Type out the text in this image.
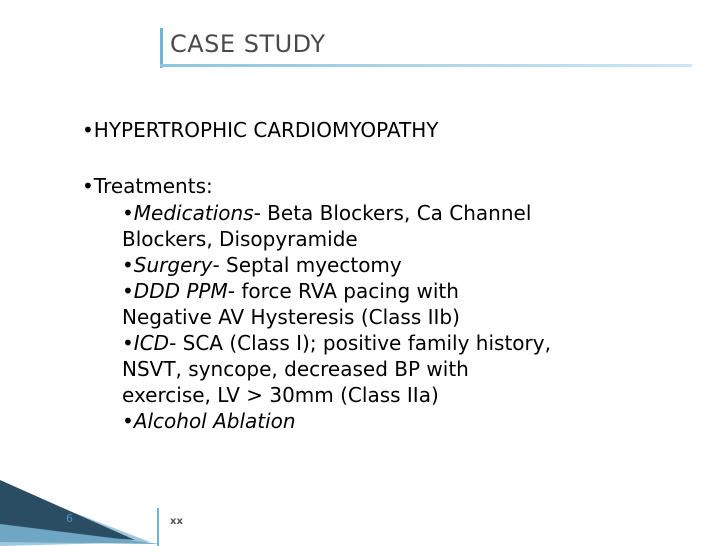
CASE STUDY

•HYPERTROPHIC CARDIOMYOPATHY

•Treatments:

•Medications- Beta Blockers, Ca Channel
Blockers, Disopyramide

•Surgery- Septal myectomy

•DDD PPM- force RVA pacing with
Negative AV Hysteresis (Class IIb)

•ICD- SCA (Class I); positive family history,
NSVT, syncope, decreased BP with
exercise, LV > 30mm (Class IIa)

•Alcohol Ablation

6	xx
